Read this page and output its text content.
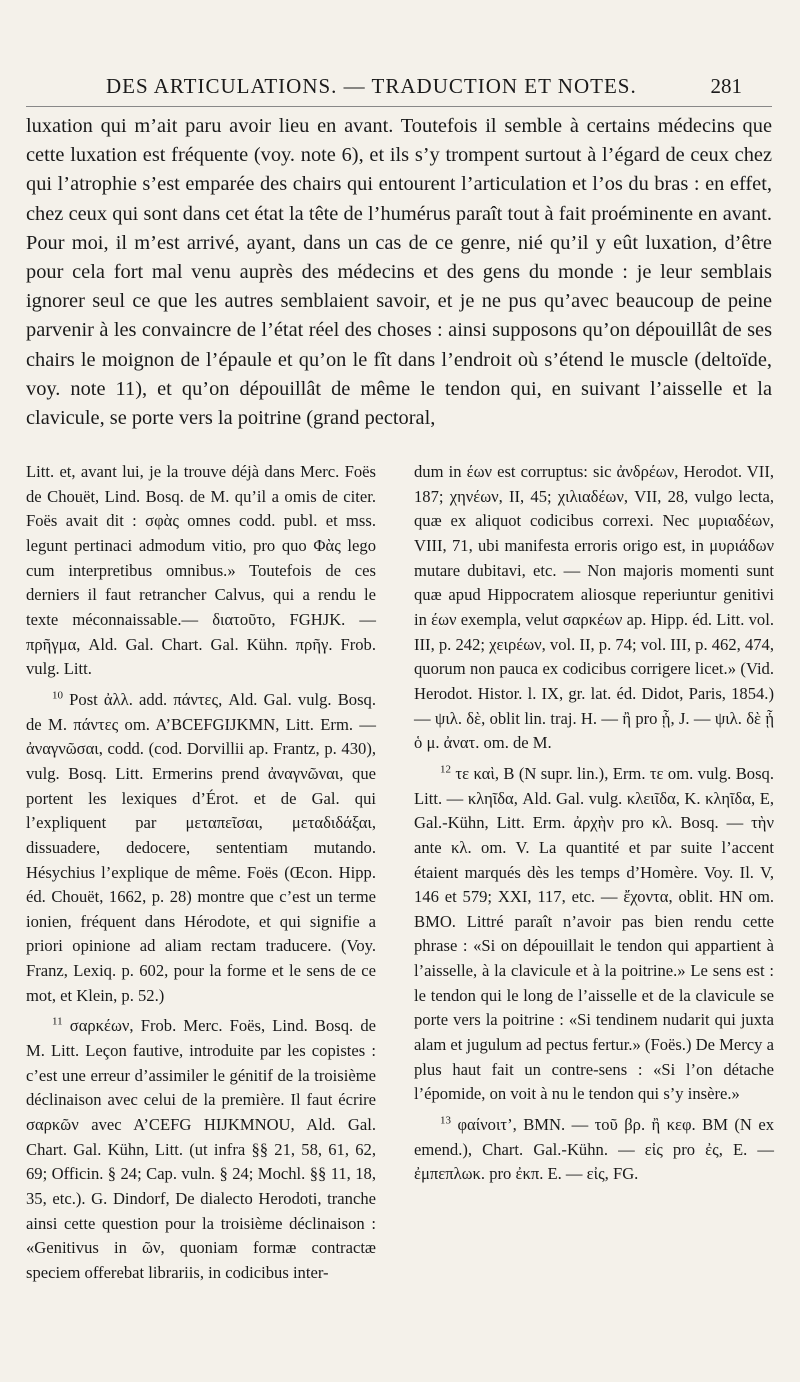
DES ARTICULATIONS. — TRADUCTION ET NOTES.	281

luxation qui m’ait paru avoir lieu en avant. Toutefois il semble à certains médecins que cette luxation est fréquente (voy. note 6), et ils s’y trompent surtout à l’égard de ceux chez qui l’atrophie s’est emparée des chairs qui entourent l’articulation et l’os du bras : en effet, chez ceux qui sont dans cet état la tête de l’humérus paraît tout à fait proéminente en avant. Pour moi, il m’est arrivé, ayant, dans un cas de ce genre, nié qu’il y eût luxation, d’être pour cela fort mal venu auprès des médecins et des gens du monde : je leur semblais ignorer seul ce que les autres semblaient savoir, et je ne pus qu’avec beaucoup de peine parvenir à les convaincre de l’état réel des choses : ainsi supposons qu’on dépouillât de ses chairs le moignon de l’épaule et qu’on le fît dans l’endroit où s’étend le muscle (deltoïde, voy. note 11), et qu’on dépouillât de même le tendon qui, en suivant l’aisselle et la clavicule, se porte vers la poitrine (grand pectoral,

Litt. et, avant lui, je la trouve déjà dans Merc. Foës de Chouët, Lind. Bosq. de M. qu’il a omis de citer. Foës avait dit : σφὰς omnes codd. publ. et mss. legunt pertinaci admodum vitio, pro quo Φὰς lego cum interpretibus omnibus.» Toutefois de ces derniers il faut retrancher Calvus, qui a rendu le texte méconnaissable.— διατοῦτο, FGHJK. — πρῆγμα, Ald. Gal. Chart. Gal. Kühn. πρῆγ. Frob. vulg. Litt.

$^{10}$ Post ἀλλ. add. πάντες, Ald. Gal. vulg. Bosq. de M. πάντες om. A’BCEFGIJKMN, Litt. Erm. — ἀναγνῶσαι, codd. (cod. Dorvillii ap. Frantz, p. 430), vulg. Bosq. Litt. Ermerins prend ἀναγνῶναι, que portent les lexiques d’Érot. et de Gal. qui l’expliquent par μεταπεῖσαι, μεταδιδάξαι, dissuadere, dedocere, sententiam mutando. Hésychius l’explique de même. Foës (Œcon. Hipp. éd. Chouët, 1662, p. 28) montre que c’est un terme ionien, fréquent dans Hérodote, et qui signifie a priori opinione ad aliam rectam traducere. (Voy. Franz, Lexiq. p. 602, pour la forme et le sens de ce mot, et Klein, p. 52.)

$^{11}$ σαρκέων, Frob. Merc. Foës, Lind. Bosq. de M. Litt. Leçon fautive, introduite par les copistes : c’est une erreur d’assimiler le génitif de la troisième déclinaison avec celui de la première. Il faut écrire σαρκῶν avec A’CEFG HIJKMNOU, Ald. Gal. Chart. Gal. Kühn, Litt. (ut infra §§ 21, 58, 61, 62, 69; Officin. § 24; Cap. vuln. § 24; Mochl. §§ 11, 18, 35, etc.). G. Dindorf, De dialecto Herodoti, tranche ainsi cette question pour la troisième déclinaison : «Genitivus in ῶν, quoniam formæ contractæ speciem offerebat librariis, in codicibus inter-

dum in έων est corruptus: sic ἀνδρέων, Herodot. VII, 187; χηνέων, II, 45; χιλιαδέων, VII, 28, vulgo lecta, quæ ex aliquot codicibus correxi. Nec μυριαδέων, VIII, 71, ubi manifesta erroris origo est, in μυριάδων mutare dubitavi, etc. — Non majoris momenti sunt quæ apud Hippocratem aliosque reperiuntur genitivi in έων exempla, velut σαρκέων ap. Hipp. éd. Litt. vol. III, p. 242; χειρέων, vol. II, p. 74; vol. III, p. 462, 474, quorum non pauca ex codicibus corrigere licet.» (Vid. Herodot. Histor. l. IX, gr. lat. éd. Didot, Paris, 1854.) — ψιλ. δὲ, oblit lin. traj. H. — ἢ pro ᾗ, J. — ψιλ. δὲ ᾗ ὁ μ. ἀνατ. om. de M.

$^{12}$ τε καὶ, B (N supr. lin.), Erm. τε om. vulg. Bosq. Litt. — κληῖδα, Ald. Gal. vulg. κλειῖδα, K. κληῖδα, E, Gal.-Kühn, Litt. Erm. ἀρχὴν pro κλ. Bosq. — τὴν ante κλ. om. V. La quantité et par suite l’accent étaient marqués dès les temps d’Homère. Voy. Il. V, 146 et 579; XXI, 117, etc. — ἔχοντα, oblit. HN om. BMO. Littré paraît n’avoir pas bien rendu cette phrase : «Si on dépouillait le tendon qui appartient à l’aisselle, à la clavicule et à la poitrine.» Le sens est : le tendon qui le long de l’aisselle et de la clavicule se porte vers la poitrine : «Si tendinem nudarit qui juxta alam et jugulum ad pectus fertur.» (Foës.) De Mercy a plus haut fait un contre-sens : «Si l’on détache l’épomide, on voit à nu le tendon qui s’y insère.»

$^{13}$ φαίνοιτ’, BMN. — τοῦ βρ. ἢ κεφ. BM (N ex emend.), Chart. Gal.-Kühn. — εἰς pro ἐς, E. — ἐμπεπλωκ. pro ἐκπ. E. — εἰς, FG.
